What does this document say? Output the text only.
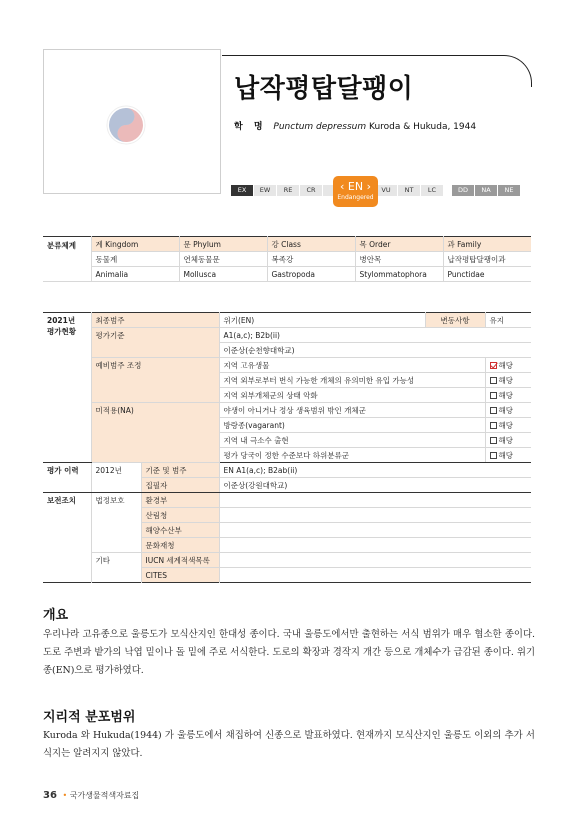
납작평탑달팽이
학 명 Punctum depressum Kuroda & Hukuda, 1944
EX	EW	RE	CR	VU	NT	LC	DD	NA	NE
‹ EN ›
Endangered
분류체계	계 Kingdom	문 Phylum	강 Class	목 Order	과 Family
	동물계	연체동물문	복족강	병안목	납작평탑달팽이과
	Animalia	Mollusca	Gastropoda	Stylommatophora	Punctidae
2021년
평가현황	최종범주		위기(EN)	변동사항	유지
	평가기준		A1(a,c); B2b(ii)		
			이준상(순천향대학교)		
	예비범주 조정		지역 고유생물		해당
			지역 외부로부터 번식 가능한 개체의 유의미한 유입 가능성		해당
			지역 외부개체군의 상태 악화		해당
	미적용(NA)		야생이 아니거나 정상 생육범위 밖인 개체군		해당
			방랑종(vagarant)		해당
			지역 내 극소수 출현		해당
			평가 당국이 정한 수준보다 하위분류군		해당
평가 이력	2012년	기준 및 범주	EN A1(a,c); B2ab(ii)		
		집필자	이준상(강원대학교)		
보전조치	법정보호	환경부			
		산림청			
		해양수산부			
		문화재청			
	기타	IUCN 세계적색목록			
		CITES			
개요
우리나라 고유종으로 울릉도가 모식산지인 한대성 종이다. 국내 울릉도에서만 출현하는 서식 범위가 매우 협소한 종이다. 도로 주변과 밭가의 낙엽 밑이나 돌 밑에 주로 서식한다. 도로의 확장과 경작지 개간 등으로 개체수가 급감된 종이다. 위기종(EN)으로 평가하였다.
지리적 분포범위
Kuroda 와 Hukuda(1944) 가 울릉도에서 채집하여 신종으로 발표하였다. 현재까지 모식산지인 울릉도 이외의 추가 서식지는 알려지지 않았다.
36 • 국가생물적색자료집
